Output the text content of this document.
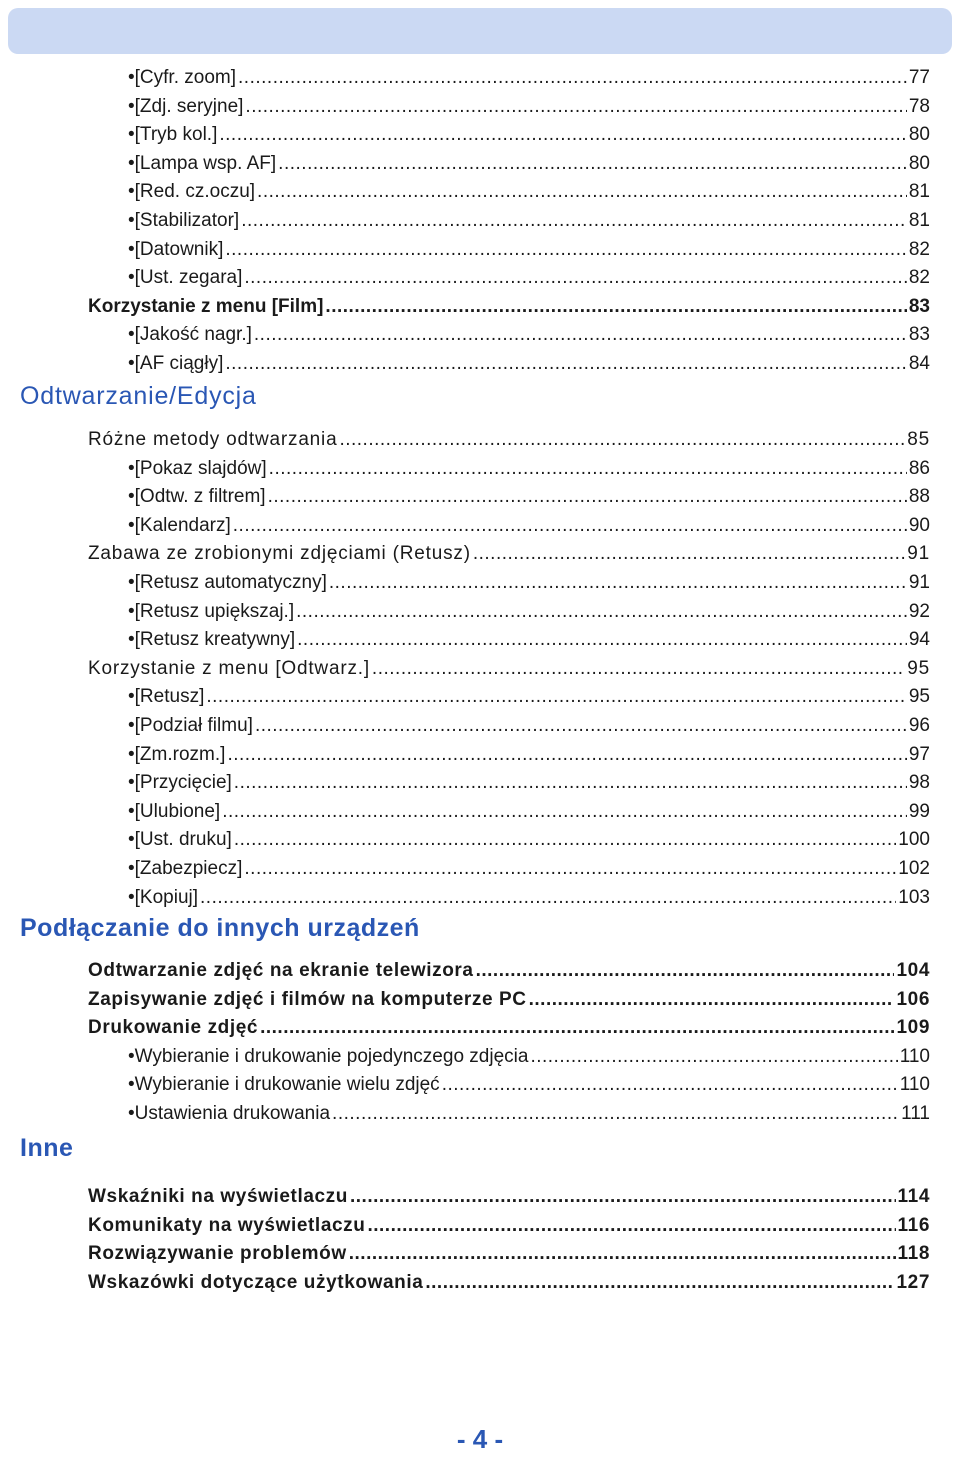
• [Cyfr. zoom] .....	77
• [Zdj. seryjne] .....	78
• [Tryb kol.] .....	80
• [Lampa wsp. AF] .....	80
• [Red. cz.oczu] .....	81
• [Stabilizator] .....	81
• [Datownik] .....	82
• [Ust. zegara] .....	82
Korzystanie z menu [Film] .....	83
• [Jakość nagr.] .....	83
• [AF ciągły] .....	84
Odtwarzanie/Edycja
Różne metody odtwarzania .....	85
• [Pokaz slajdów] .....	86
• [Odtw. z filtrem] .....	88
• [Kalendarz] .....	90
Zabawa ze zrobionymi zdjęciami (Retusz) .....	91
• [Retusz automatyczny] .....	91
• [Retusz upiększaj.] .....	92
• [Retusz kreatywny] .....	94
Korzystanie z menu [Odtwarz.] .....	95
• [Retusz] .....	95
• [Podział filmu] .....	96
• [Zm.rozm.] .....	97
• [Przycięcie] .....	98
• [Ulubione] .....	99
• [Ust. druku] .....	100
• [Zabezpiecz] .....	102
• [Kopiuj] .....	103
Podłączanie do innych urządzeń
Odtwarzanie zdjęć na ekranie telewizora .....	104
Zapisywanie zdjęć i filmów na komputerze PC .....	106
Drukowanie zdjęć .....	109
• Wybieranie i drukowanie pojedynczego zdjęcia .....	110
• Wybieranie i drukowanie wielu zdjęć .....	110
• Ustawienia drukowania .....	111
Inne
Wskaźniki na wyświetlaczu .....	114
Komunikaty na wyświetlaczu .....	116
Rozwiązywanie problemów .....	118
Wskazówki dotyczące użytkowania .....	127
- 4 -
